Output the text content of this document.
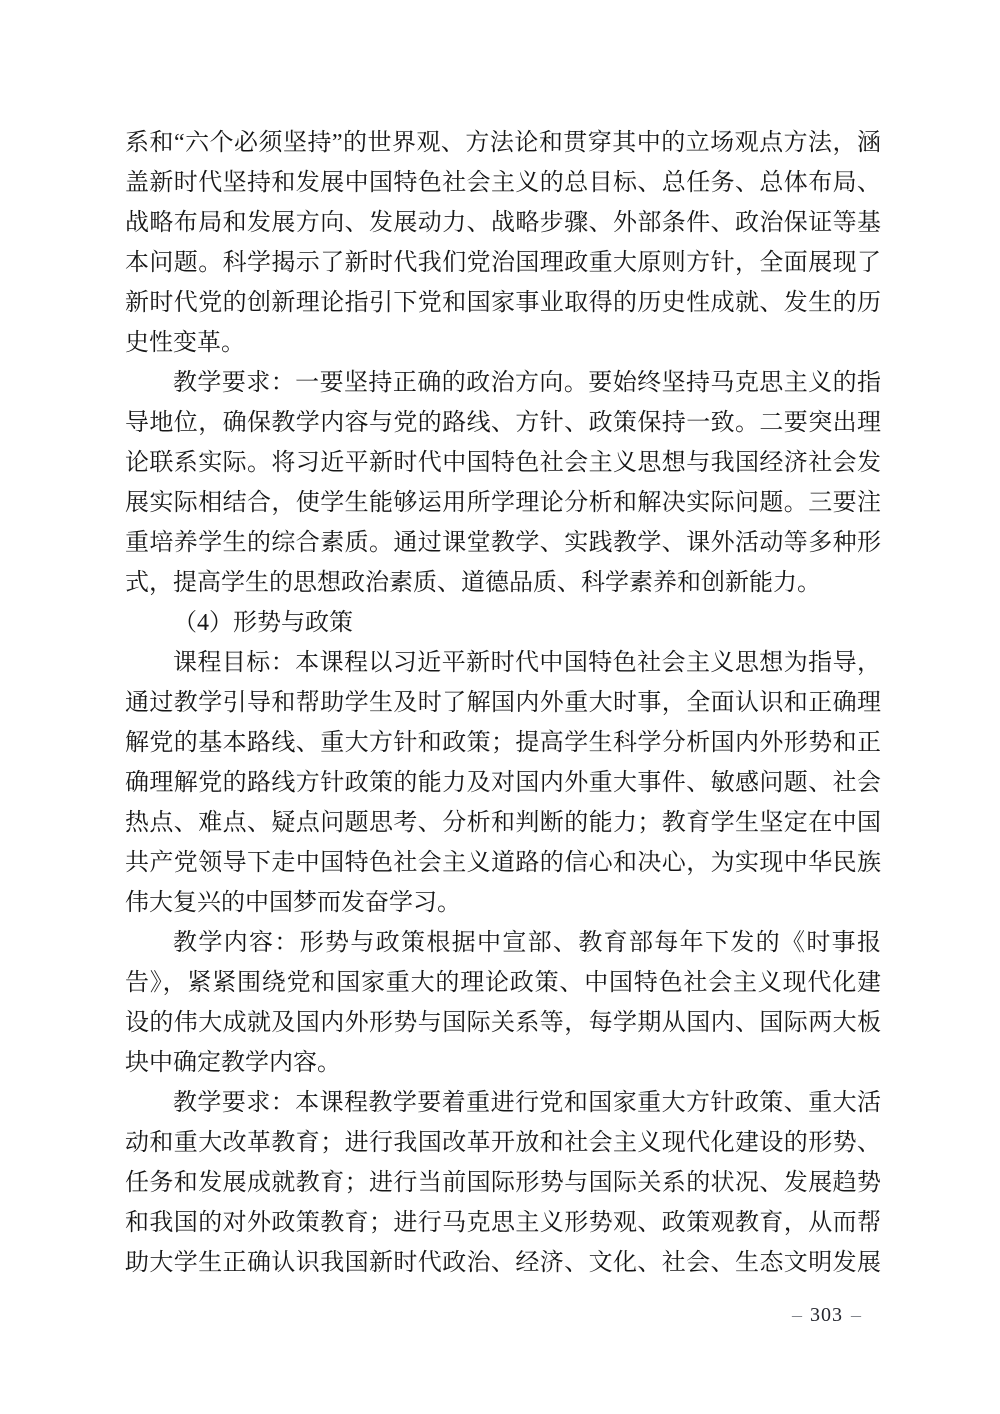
系和“六个必须坚持”的世界观、方法论和贯穿其中的立场观点方法，涵
盖新时代坚持和发展中国特色社会主义的总目标、总任务、总体布局、
战略布局和发展方向、发展动力、战略步骤、外部条件、政治保证等基
本问题。科学揭示了新时代我们党治国理政重大原则方针，全面展现了
新时代党的创新理论指引下党和国家事业取得的历史性成就、发生的历
史性变革。
教学要求：一要坚持正确的政治方向。要始终坚持马克思主义的指
导地位，确保教学内容与党的路线、方针、政策保持一致。二要突出理
论联系实际。将习近平新时代中国特色社会主义思想与我国经济社会发
展实际相结合，使学生能够运用所学理论分析和解决实际问题。三要注
重培养学生的综合素质。通过课堂教学、实践教学、课外活动等多种形
式，提高学生的思想政治素质、道德品质、科学素养和创新能力。
（4）形势与政策
课程目标：本课程以习近平新时代中国特色社会主义思想为指导，
通过教学引导和帮助学生及时了解国内外重大时事，全面认识和正确理
解党的基本路线、重大方针和政策；提高学生科学分析国内外形势和正
确理解党的路线方针政策的能力及对国内外重大事件、敏感问题、社会
热点、难点、疑点问题思考、分析和判断的能力；教育学生坚定在中国
共产党领导下走中国特色社会主义道路的信心和决心，为实现中华民族
伟大复兴的中国梦而发奋学习。
教学内容：形势与政策根据中宣部、教育部每年下发的《时事报
告》，紧紧围绕党和国家重大的理论政策、中国特色社会主义现代化建
设的伟大成就及国内外形势与国际关系等，每学期从国内、国际两大板
块中确定教学内容。
教学要求：本课程教学要着重进行党和国家重大方针政策、重大活
动和重大改革教育；进行我国改革开放和社会主义现代化建设的形势、
任务和发展成就教育；进行当前国际形势与国际关系的状况、发展趋势
和我国的对外政策教育；进行马克思主义形势观、政策观教育，从而帮
助大学生正确认识我国新时代政治、经济、文化、社会、生态文明发展
– 303 –
